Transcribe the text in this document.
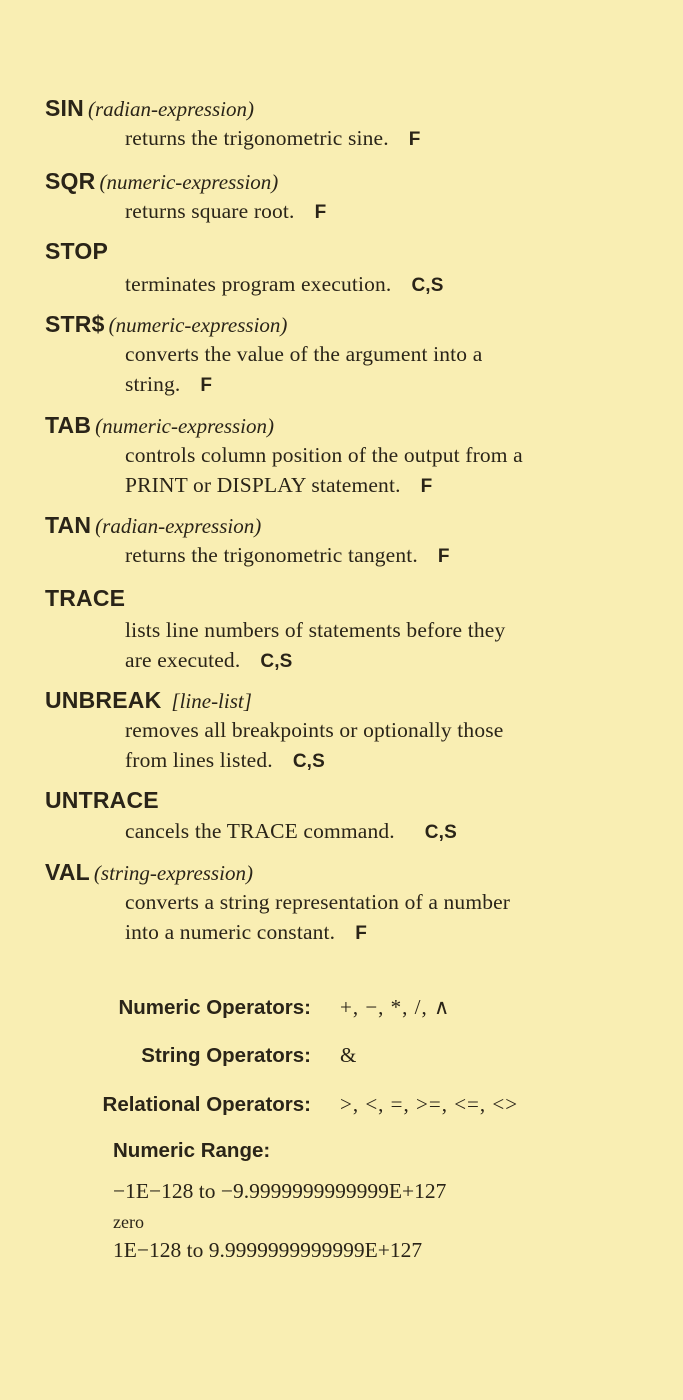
SIN (radian-expression)
returns the trigonometric sine. F
SQR (numeric-expression)
returns square root. F
STOP
terminates program execution. C,S
STR$ (numeric-expression)
converts the value of the argument into a
string. F
TAB (numeric-expression)
controls column position of the output from a
PRINT or DISPLAY statement. F
TAN (radian-expression)
returns the trigonometric tangent. F
TRACE
lists line numbers of statements before they
are executed. C,S
UNBREAK [line-list]
removes all breakpoints or optionally those
from lines listed. C,S
UNTRACE
cancels the TRACE command. C,S
VAL (string-expression)
converts a string representation of a number
into a numeric constant. F
Numeric Operators: +, −, *, /, ∧
String Operators: &
Relational Operators: >, <, =, >=, <=, <>
Numeric Range:
−1E−128 to −9.9999999999999E+127
zero
1E−128 to 9.9999999999999E+127
